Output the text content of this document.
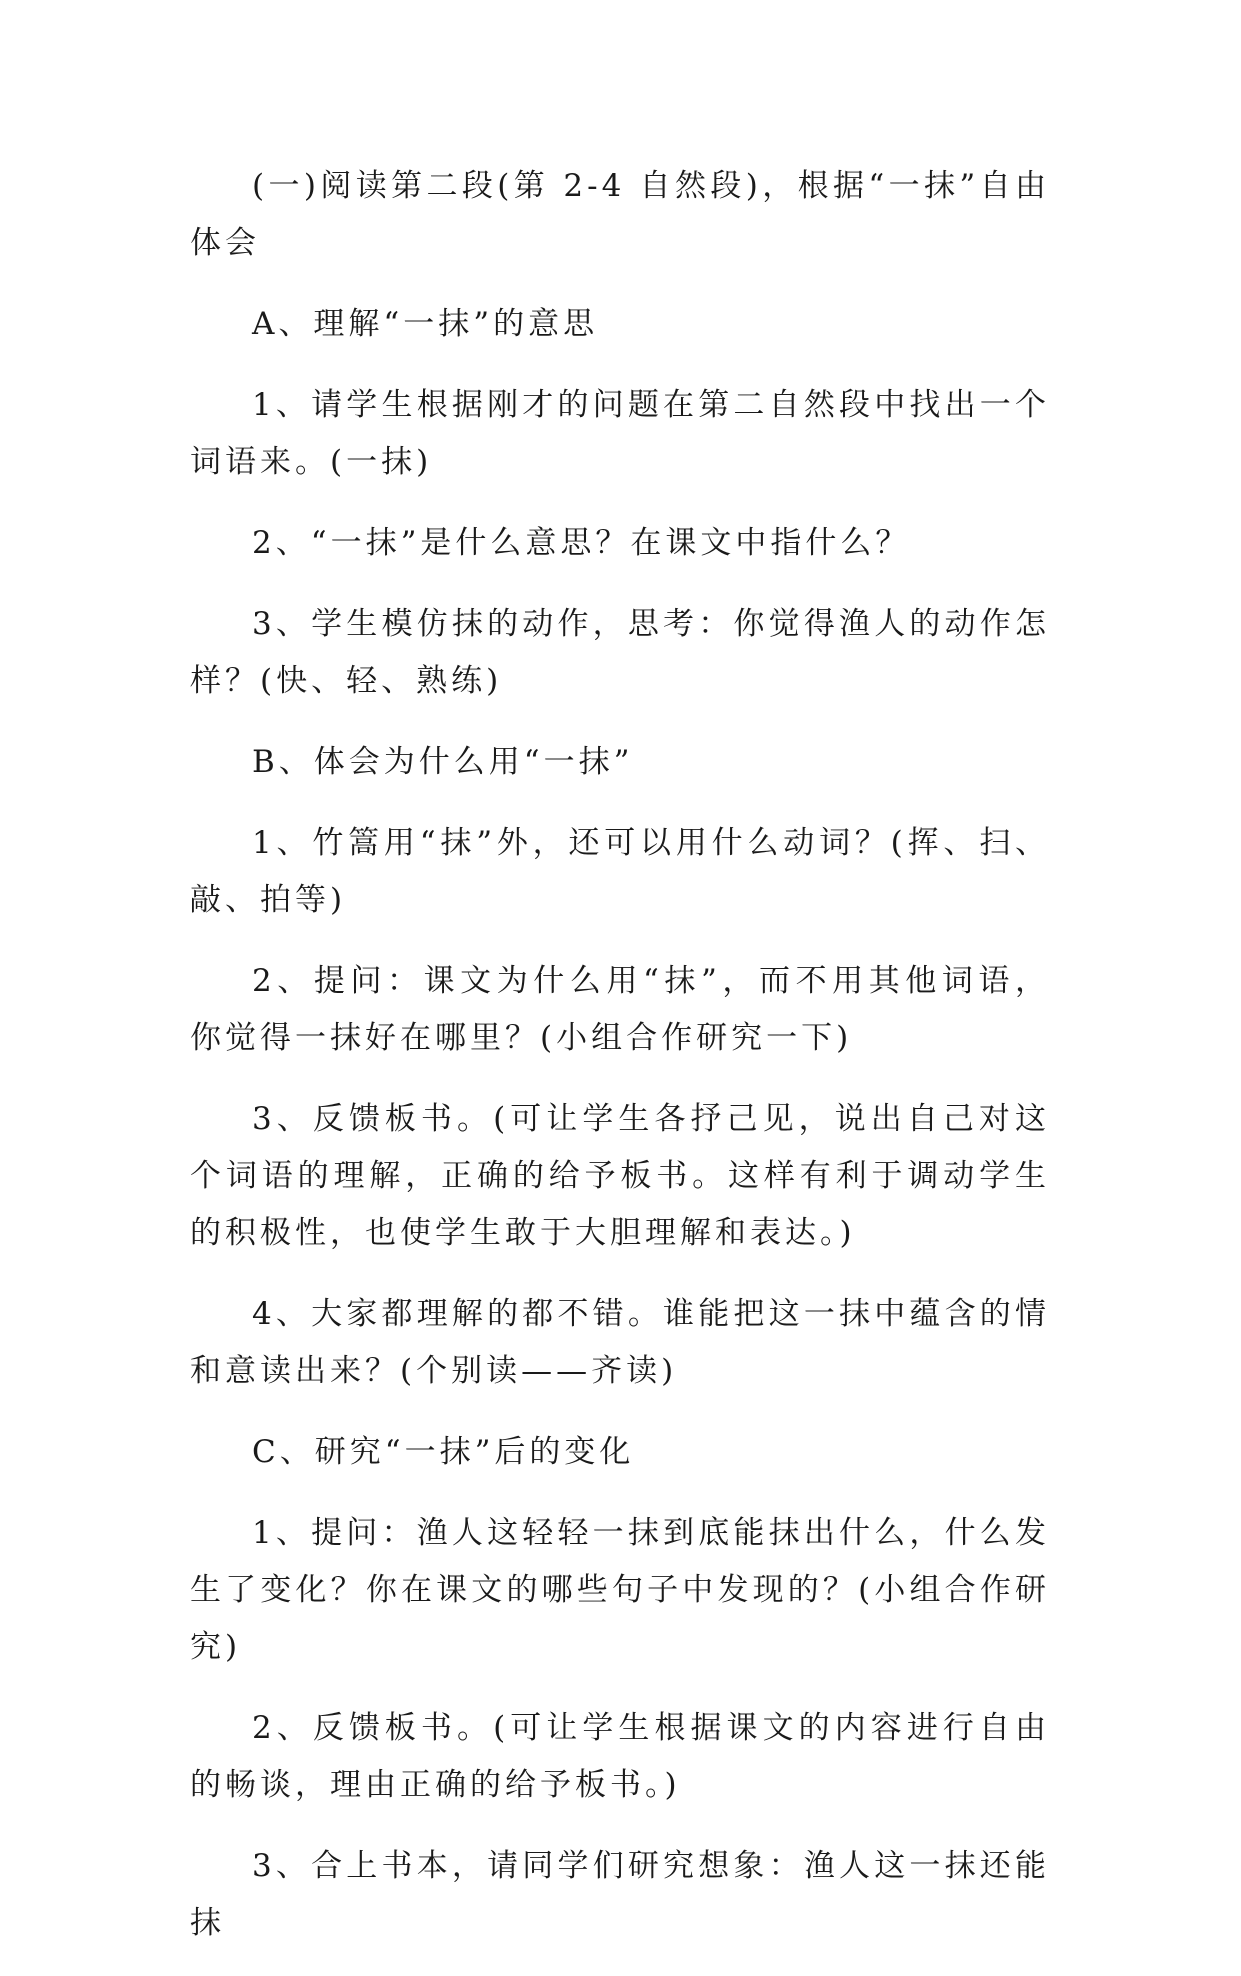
(一)阅读第二段(第 2-4 自然段)，根据“一抹”自由体会

A、理解“一抹”的意思

1、请学生根据刚才的问题在第二自然段中找出一个词语来。(一抹)

2、“一抹”是什么意思？在课文中指什么？

3、学生模仿抹的动作，思考：你觉得渔人的动作怎样？(快、轻、熟练)

B、体会为什么用“一抹”

1、竹篙用“抹”外，还可以用什么动词？(挥、扫、敲、拍等)

2、提问：课文为什么用“抹”，而不用其他词语，你觉得一抹好在哪里？(小组合作研究一下)

3、反馈板书。(可让学生各抒己见，说出自己对这个词语的理解，正确的给予板书。这样有利于调动学生的积极性，也使学生敢于大胆理解和表达。)

4、大家都理解的都不错。谁能把这一抹中蕴含的情和意读出来？(个别读——齐读)

C、研究“一抹”后的变化

1、提问：渔人这轻轻一抹到底能抹出什么，什么发生了变化？你在课文的哪些句子中发现的？(小组合作研究)

2、反馈板书。(可让学生根据课文的内容进行自由的畅谈，理由正确的给予板书。)

3、合上书本，请同学们研究想象：渔人这一抹还能抹
